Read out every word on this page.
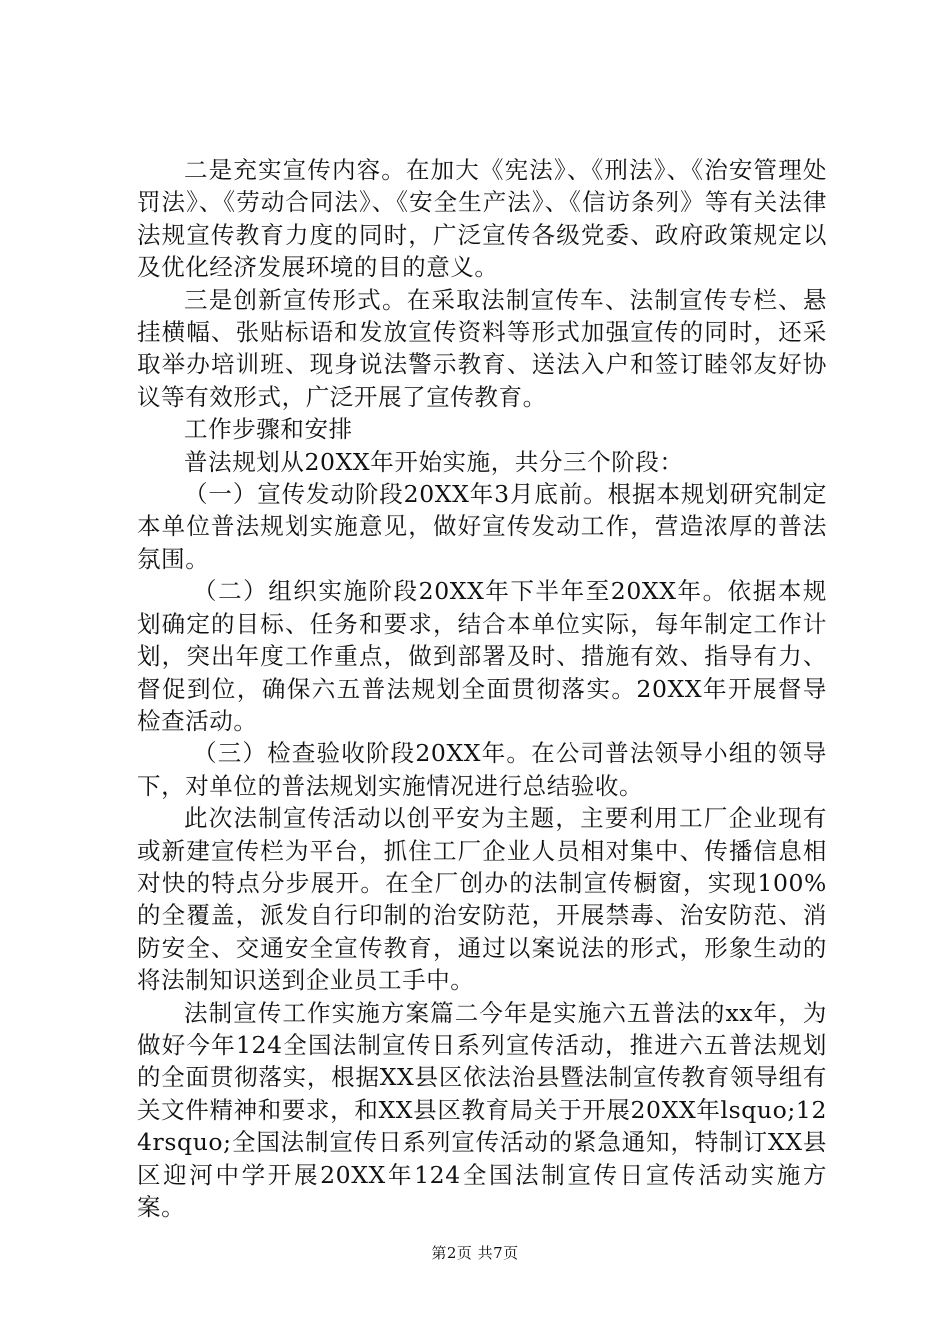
二是充实宣传内容。在加大《宪法》、《刑法》、《治安管理处罚法》、《劳动合同法》、《安全生产法》、《信访条列》等有关法律法规宣传教育力度的同时，广泛宣传各级党委、政府政策规定以及优化经济发展环境的目的意义。

三是创新宣传形式。在采取法制宣传车、法制宣传专栏、悬挂横幅、张贴标语和发放宣传资料等形式加强宣传的同时，还采取举办培训班、现身说法警示教育、送法入户和签订睦邻友好协议等有效形式，广泛开展了宣传教育。

工作步骤和安排

普法规划从20XX年开始实施，共分三个阶段：

（一）宣传发动阶段20XX年3月底前。根据本规划研究制定本单位普法规划实施意见，做好宣传发动工作，营造浓厚的普法氛围。

（二）组织实施阶段20XX年下半年至20XX年。依据本规划确定的目标、任务和要求，结合本单位实际，每年制定工作计划，突出年度工作重点，做到部署及时、措施有效、指导有力、督促到位，确保六五普法规划全面贯彻落实。20XX年开展督导检查活动。

（三）检查验收阶段20XX年。在公司普法领导小组的领导下，对单位的普法规划实施情况进行总结验收。

此次法制宣传活动以创平安为主题，主要利用工厂企业现有或新建宣传栏为平台，抓住工厂企业人员相对集中、传播信息相对快的特点分步展开。在全厂创办的法制宣传橱窗，实现100%的全覆盖，派发自行印制的治安防范，开展禁毒、治安防范、消防安全、交通安全宣传教育，通过以案说法的形式，形象生动的将法制知识送到企业员工手中。

法制宣传工作实施方案篇二今年是实施六五普法的xx年，为做好今年124全国法制宣传日系列宣传活动，推进六五普法规划的全面贯彻落实，根据XX县区依法治县暨法制宣传教育领导组有关文件精神和要求，和XX县区教育局关于开展20XX年lsquo;124rsquo;全国法制宣传日系列宣传活动的紧急通知，特制订XX县区迎河中学开展20XX年124全国法制宣传日宣传活动实施方案。

第2页 共7页
